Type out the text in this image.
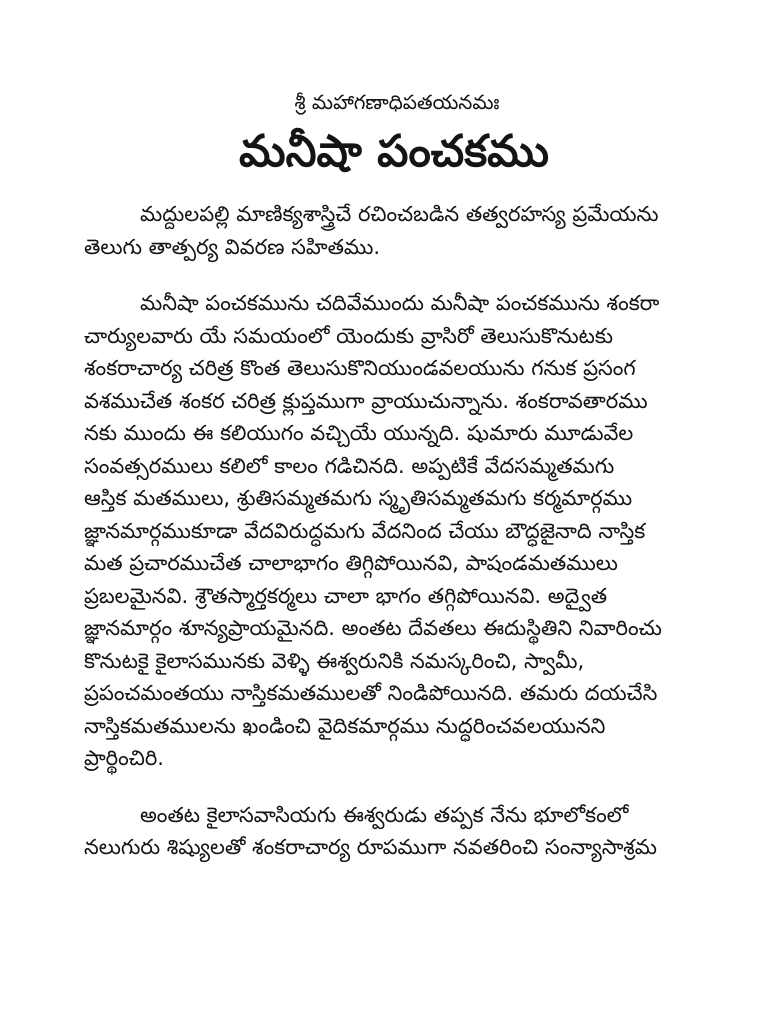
శ్రీ మహాగణాధిపతయనమః
మనీషా పంచకము
మద్దులపల్లి మాణిక్యశాస్త్రిచే రచించబడిన తత్వరహస్య ప్రమేయను
తెలుగు తాత్పర్య వివరణ సహితము.
మనీషా పంచకమును చదివేముందు మనీషా పంచకమును శంకరా
చార్యులవారు యే సమయంలో యెందుకు వ్రాసిరో తెలుసుకొనుటకు
శంకరాచార్య చరిత్ర కొంత తెలుసుకొనియుండవలయును గనుక ప్రసంగ
వశముచేత శంకర చరిత్ర క్లుప్తముగా వ్రాయుచున్నాను. శంకరావతారము
నకు ముందు ఈ కలియుగం వచ్చియే యున్నది. షుమారు మూడువేల
సంవత్సరములు కలిలో కాలం గడిచినది. అప్పటికే వేదసమ్మతమగు
ఆస్తిక మతములు, శ్రుతిసమ్మతమగు స్మృతిసమ్మతమగు కర్మమార్గము
జ్ఞానమార్గముకూడా వేదవిరుద్ధమగు వేదనింద చేయు బౌద్ధజైనాది నాస్తిక
మత ప్రచారముచేత చాలాభాగం తిగ్గిపోయినవి, పాషండమతములు
ప్రబలమైనవి. శ్రౌతస్మార్తకర్మలు చాలా భాగం తగ్గిపోయినవి. అద్వైత
జ్ఞానమార్గం శూన్యప్రాయమైనది. అంతట దేవతలు ఈదుస్థితిని నివారించు
కొనుటకై కైలాసమునకు వెళ్ళి ఈశ్వరునికి నమస్కరించి, స్వామీ,
ప్రపంచమంతయు నాస్తికమతములతో నిండిపోయినది. తమరు దయచేసి
నాస్తికమతములను ఖండించి వైదికమార్గము నుద్ధరించవలయునని
ప్రార్థించిరి.
అంతట కైలాసవాసియగు ఈశ్వరుడు తప్పక నేను భూలోకంలో
నలుగురు శిష్యులతో శంకరాచార్య రూపముగా నవతరించి సంన్యాసాశ్రమ
